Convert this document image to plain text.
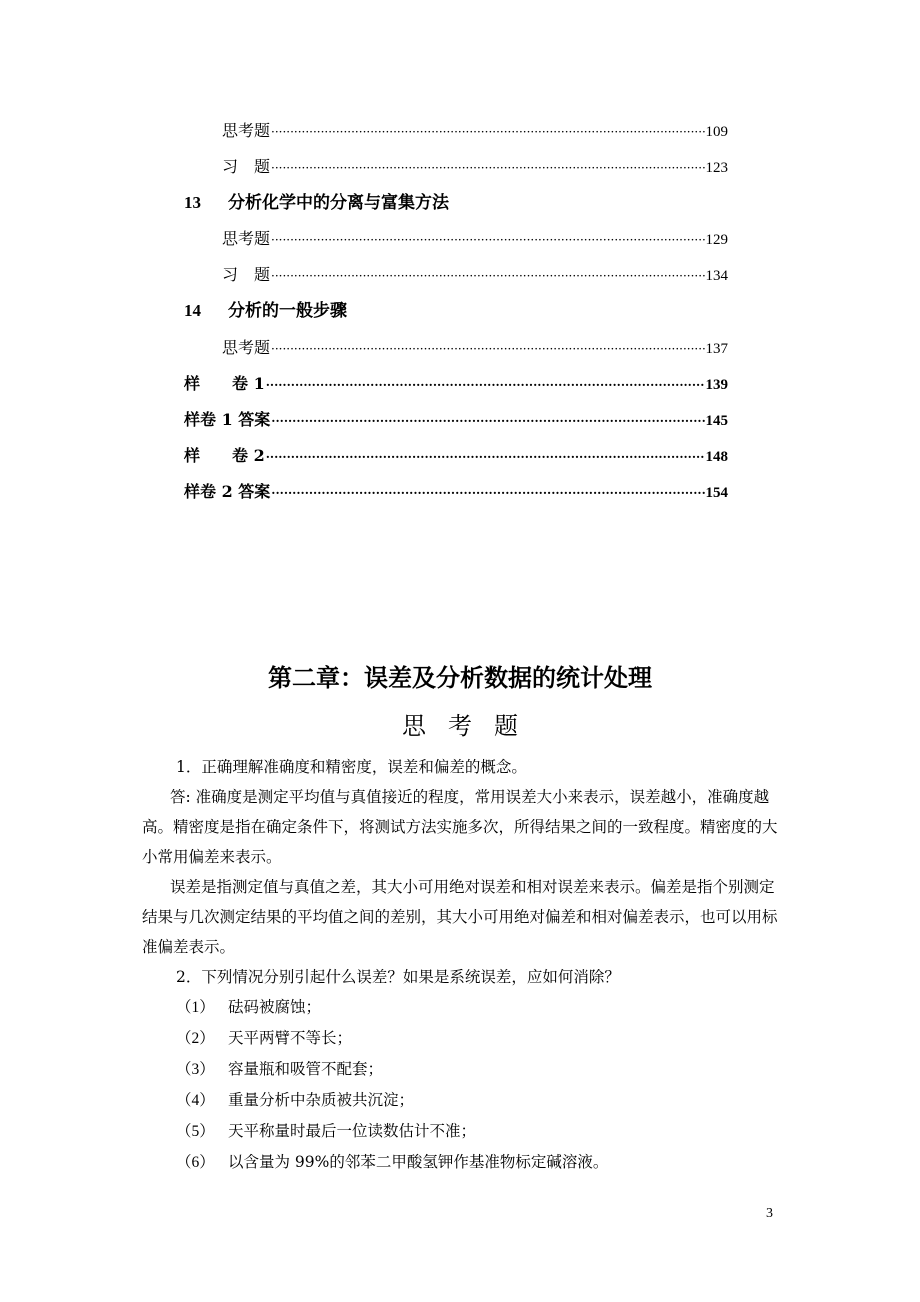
思考题 ·····	109
习　题 ·····	123
13 分析化学中的分离与富集方法
思考题 ·····	129
习　题 ·····	134
14 分析的一般步骤
思考题 ·····	137
样　　卷 1 ·····	139
样卷 1 答案 ·····	145
样　　卷 2 ·····	148
样卷 2 答案 ·····	154
第二章：误差及分析数据的统计处理
思考题

1．正确理解准确度和精密度，误差和偏差的概念。

答: 准确度是测定平均值与真值接近的程度，常用误差大小来表示，误差越小，准确度越高。精密度是指在确定条件下，将测试方法实施多次，所得结果之间的一致程度。精密度的大小常用偏差来表示。

误差是指测定值与真值之差，其大小可用绝对误差和相对误差来表示。偏差是指个别测定结果与几次测定结果的平均值之间的差别，其大小可用绝对偏差和相对偏差表示，也可以用标准偏差表示。

2．下列情况分别引起什么误差？如果是系统误差，应如何消除？

（1） 砝码被腐蚀；

（2） 天平两臂不等长；

（3） 容量瓶和吸管不配套；

（4） 重量分析中杂质被共沉淀；

（5） 天平称量时最后一位读数估计不准；

（6） 以含量为 99%的邻苯二甲酸氢钾作基准物标定碱溶液。

3
